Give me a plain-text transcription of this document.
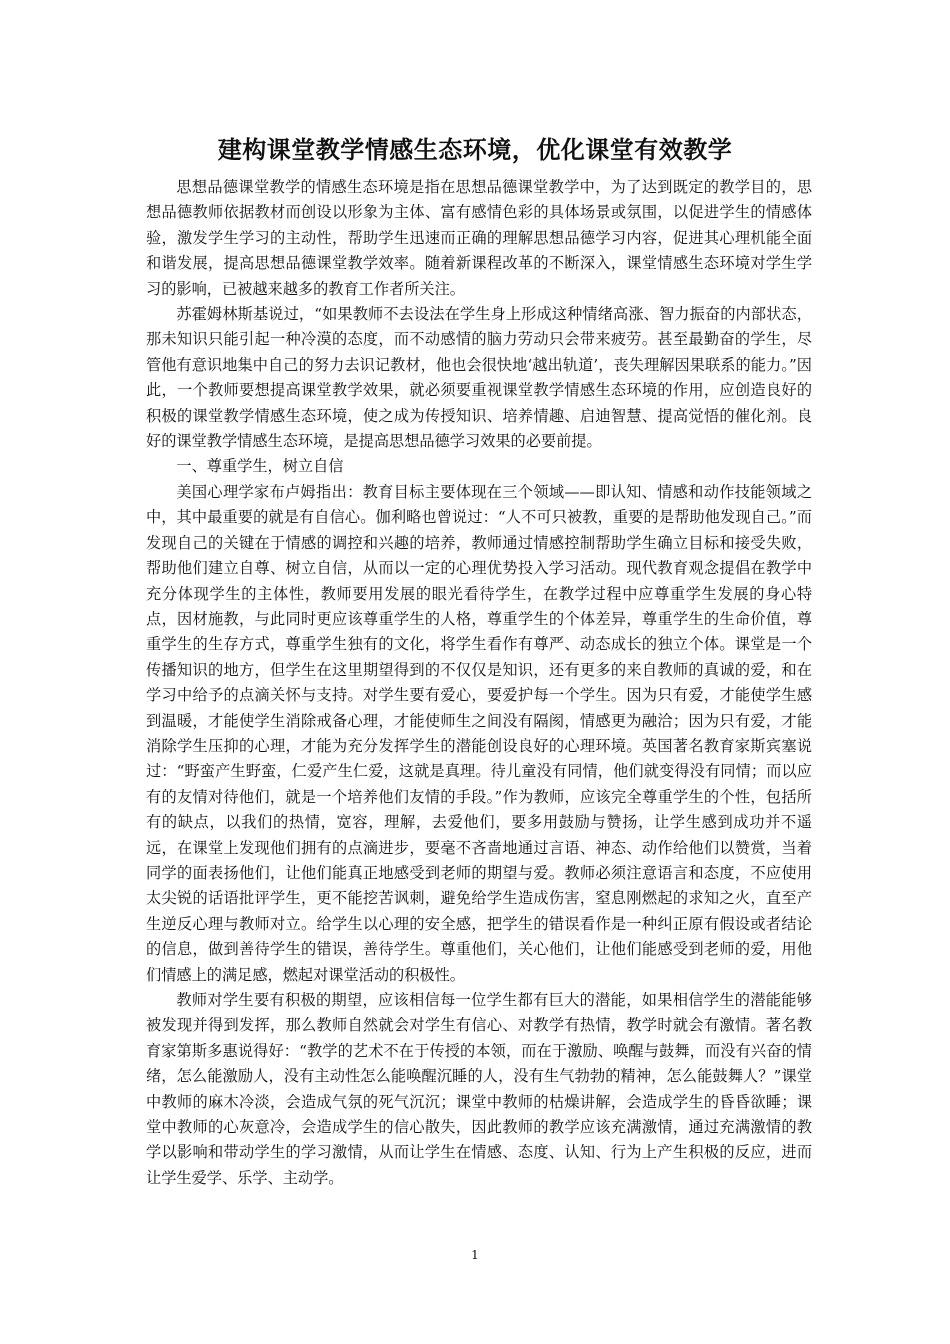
建构课堂教学情感生态环境，优化课堂有效教学

思想品德课堂教学的情感生态环境是指在思想品德课堂教学中，为了达到既定的教学目的，思想品德教师依据教材而创设以形象为主体、富有感情色彩的具体场景或氛围，以促进学生的情感体验，激发学生学习的主动性，帮助学生迅速而正确的理解思想品德学习内容，促进其心理机能全面和谐发展，提高思想品德课堂教学效率。随着新课程改革的不断深入，课堂情感生态环境对学生学习的影响，已被越来越多的教育工作者所关注。

苏霍姆林斯基说过，“如果教师不去设法在学生身上形成这种情绪高涨、智力振奋的内部状态，那未知识只能引起一种冷漠的态度，而不动感情的脑力劳动只会带来疲劳。甚至最勤奋的学生，尽管他有意识地集中自己的努力去识记教材，他也会很快地‘越出轨道’，丧失理解因果联系的能力。”因此，一个教师要想提高课堂教学效果，就必须要重视课堂教学情感生态环境的作用，应创造良好的积极的课堂教学情感生态环境，使之成为传授知识、培养情趣、启迪智慧、提高觉悟的催化剂。良好的课堂教学情感生态环境，是提高思想品德学习效果的必要前提。

一、尊重学生，树立自信

美国心理学家布卢姆指出：教育目标主要体现在三个领域——即认知、情感和动作技能领域之中，其中最重要的就是有自信心。伽利略也曾说过：“人不可只被教，重要的是帮助他发现自己。”而发现自己的关键在于情感的调控和兴趣的培养，教师通过情感控制帮助学生确立目标和接受失败，帮助他们建立自尊、树立自信，从而以一定的心理优势投入学习活动。现代教育观念提倡在教学中充分体现学生的主体性，教师要用发展的眼光看待学生，在教学过程中应尊重学生发展的身心特点，因材施教，与此同时更应该尊重学生的人格，尊重学生的个体差异，尊重学生的生命价值，尊重学生的生存方式，尊重学生独有的文化，将学生看作有尊严、动态成长的独立个体。课堂是一个传播知识的地方，但学生在这里期望得到的不仅仅是知识，还有更多的来自教师的真诚的爱，和在学习中给予的点滴关怀与支持。对学生要有爱心，要爱护每一个学生。因为只有爱，才能使学生感到温暖，才能使学生消除戒备心理，才能使师生之间没有隔阂，情感更为融洽；因为只有爱，才能消除学生压抑的心理，才能为充分发挥学生的潜能创设良好的心理环境。英国著名教育家斯宾塞说过：“野蛮产生野蛮，仁爱产生仁爱，这就是真理。待儿童没有同情，他们就变得没有同情；而以应有的友情对待他们，就是一个培养他们友情的手段。”作为教师，应该完全尊重学生的个性，包括所有的缺点，以我们的热情，宽容，理解，去爱他们，要多用鼓励与赞扬，让学生感到成功并不遥远，在课堂上发现他们拥有的点滴进步，要毫不吝啬地通过言语、神态、动作给他们以赞赏，当着同学的面表扬他们，让他们能真正地感受到老师的期望与爱。教师必须注意语言和态度，不应使用太尖锐的话语批评学生，更不能挖苦讽刺，避免给学生造成伤害，窒息刚燃起的求知之火，直至产生逆反心理与教师对立。给学生以心理的安全感，把学生的错误看作是一种纠正原有假设或者结论的信息，做到善待学生的错误，善待学生。尊重他们，关心他们，让他们能感受到老师的爱，用他们情感上的满足感，燃起对课堂活动的积极性。

教师对学生要有积极的期望，应该相信每一位学生都有巨大的潜能，如果相信学生的潜能能够被发现并得到发挥，那么教师自然就会对学生有信心、对教学有热情，教学时就会有激情。著名教育家第斯多惠说得好：“教学的艺术不在于传授的本领，而在于激励、唤醒与鼓舞，而没有兴奋的情绪，怎么能激励人，没有主动性怎么能唤醒沉睡的人，没有生气勃勃的精神，怎么能鼓舞人？”课堂中教师的麻木冷淡，会造成气氛的死气沉沉；课堂中教师的枯燥讲解，会造成学生的昏昏欲睡；课堂中教师的心灰意冷，会造成学生的信心散失，因此教师的教学应该充满激情，通过充满激情的教学以影响和带动学生的学习激情，从而让学生在情感、态度、认知、行为上产生积极的反应，进而让学生爱学、乐学、主动学。

1
